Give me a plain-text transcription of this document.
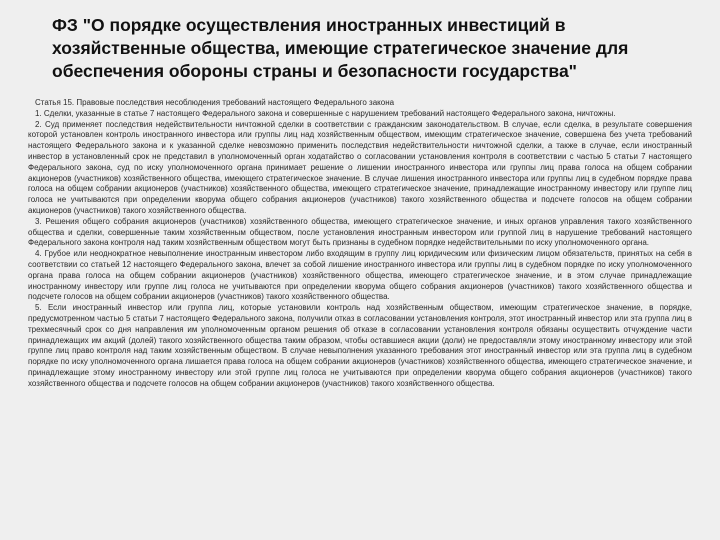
ФЗ "О порядке осуществления иностранных инвестиций в хозяйственные общества, имеющие стратегическое значение для обеспечения обороны страны и безопасности государства"

Статья 15. Правовые последствия несоблюдения требований настоящего Федерального закона

1. Сделки, указанные в статье 7 настоящего Федерального закона и совершенные с нарушением требований настоящего Федерального закона, ничтожны.

2. Суд применяет последствия недействительности ничтожной сделки в соответствии с гражданским законодательством. В случае, если сделка, в результате совершения которой установлен контроль иностранного инвестора или группы лиц над хозяйственным обществом, имеющим стратегическое значение, совершена без учета требований настоящего Федерального закона и к указанной сделке невозможно применить последствия недействительности ничтожной сделки, а также в случае, если иностранный инвестор в установленный срок не представил в уполномоченный орган ходатайство о согласовании установления контроля в соответствии с частью 5 статьи 7 настоящего Федерального закона, суд по иску уполномоченного органа принимает решение о лишении иностранного инвестора или группы лиц права голоса на общем собрании акционеров (участников) хозяйственного общества, имеющего стратегическое значение. В случае лишения иностранного инвестора или группы лиц в судебном порядке права голоса на общем собрании акционеров (участников) хозяйственного общества, имеющего стратегическое значение, принадлежащие иностранному инвестору или группе лиц голоса не учитываются при определении кворума общего собрания акционеров (участников) такого хозяйственного общества и подсчете голосов на общем собрании акционеров (участников) такого хозяйственного общества.

3. Решения общего собрания акционеров (участников) хозяйственного общества, имеющего стратегическое значение, и иных органов управления такого хозяйственного общества и сделки, совершенные таким хозяйственным обществом, после установления иностранным инвестором или группой лиц в нарушение требований настоящего Федерального закона контроля над таким хозяйственным обществом могут быть признаны в судебном порядке недействительными по иску уполномоченного органа.

4. Грубое или неоднократное невыполнение иностранным инвестором либо входящим в группу лиц юридическим или физическим лицом обязательств, принятых на себя в соответствии со статьей 12 настоящего Федерального закона, влечет за собой лишение иностранного инвестора или группы лиц в судебном порядке по иску уполномоченного органа права голоса на общем собрании акционеров (участников) хозяйственного общества, имеющего стратегическое значение, и в этом случае принадлежащие иностранному инвестору или группе лиц голоса не учитываются при определении кворума общего собрания акционеров (участников) такого хозяйственного общества и подсчете голосов на общем собрании акционеров (участников) такого хозяйственного общества.

5. Если иностранный инвестор или группа лиц, которые установили контроль над хозяйственным обществом, имеющим стратегическое значение, в порядке, предусмотренном частью 5 статьи 7 настоящего Федерального закона, получили отказ в согласовании установления контроля, этот иностранный инвестор или эта группа лиц в трехмесячный срок со дня направления им уполномоченным органом решения об отказе в согласовании установления контроля обязаны осуществить отчуждение части принадлежащих им акций (долей) такого хозяйственного общества таким образом, чтобы оставшиеся акции (доли) не предоставляли этому иностранному инвестору или этой группе лиц право контроля над таким хозяйственным обществом. В случае невыполнения указанного требования этот иностранный инвестор или эта группа лиц в судебном порядке по иску уполномоченного органа лишается права голоса на общем собрании акционеров (участников) хозяйственного общества, имеющего стратегическое значение, и принадлежащие этому иностранному инвестору или этой группе лиц голоса не учитываются при определении кворума общего собрания акционеров (участников) такого хозяйственного общества и подсчете голосов на общем собрании акционеров (участников) такого хозяйственного общества.
